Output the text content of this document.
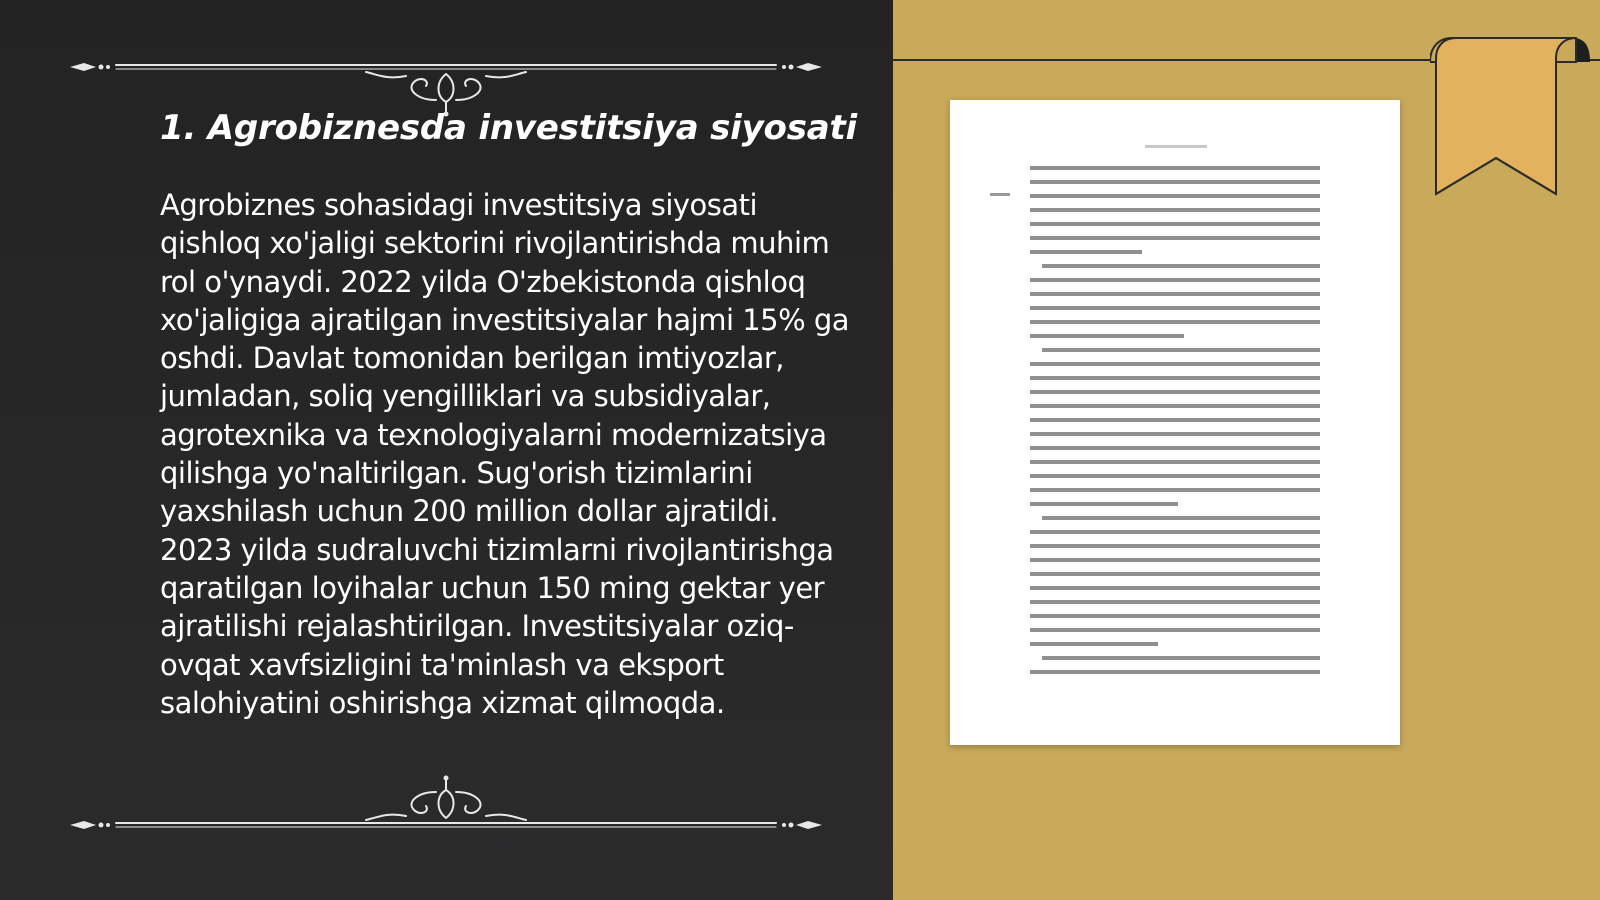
1. Agrobiznesda investitsiya siyosati

Agrobiznes sohasidagi investitsiya siyosati qishloq xo'jaligi sektorini rivojlantirishda muhim rol o'ynaydi. 2022 yilda O'zbekistonda qishloq xo'jaligiga ajratilgan investitsiyalar hajmi 15% ga oshdi. Davlat tomonidan berilgan imtiyozlar, jumladan, soliq yengilliklari va subsidiyalar, agrotexnika va texnologiyalarni modernizatsiya qilishga yo'naltirilgan. Sug'orish tizimlarini yaxshilash uchun 200 million dollar ajratildi. 2023 yilda sudraluvchi tizimlarni rivojlantirishga qaratilgan loyihalar uchun 150 ming gektar yer ajratilishi rejalashtirilgan. Investitsiyalar oziq-ovqat xavfsizligini ta'minlash va eksport salohiyatini oshirishga xizmat qilmoqda.
